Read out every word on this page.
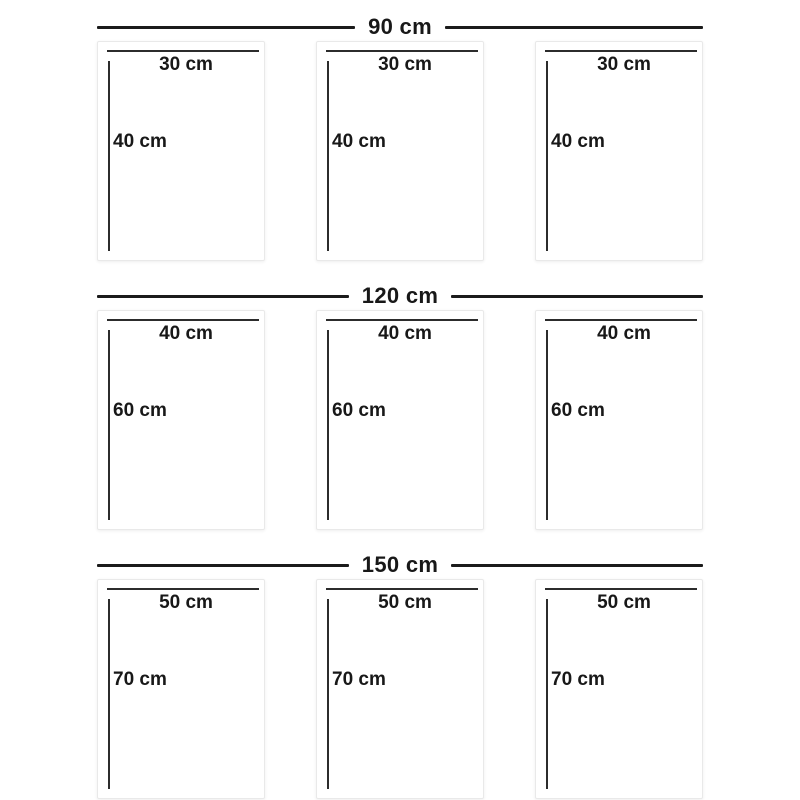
90 cm
30 cm
40 cm
30 cm
40 cm
30 cm
40 cm
120 cm
40 cm
60 cm
40 cm
60 cm
40 cm
60 cm
150 cm
50 cm
70 cm
50 cm
70 cm
50 cm
70 cm
